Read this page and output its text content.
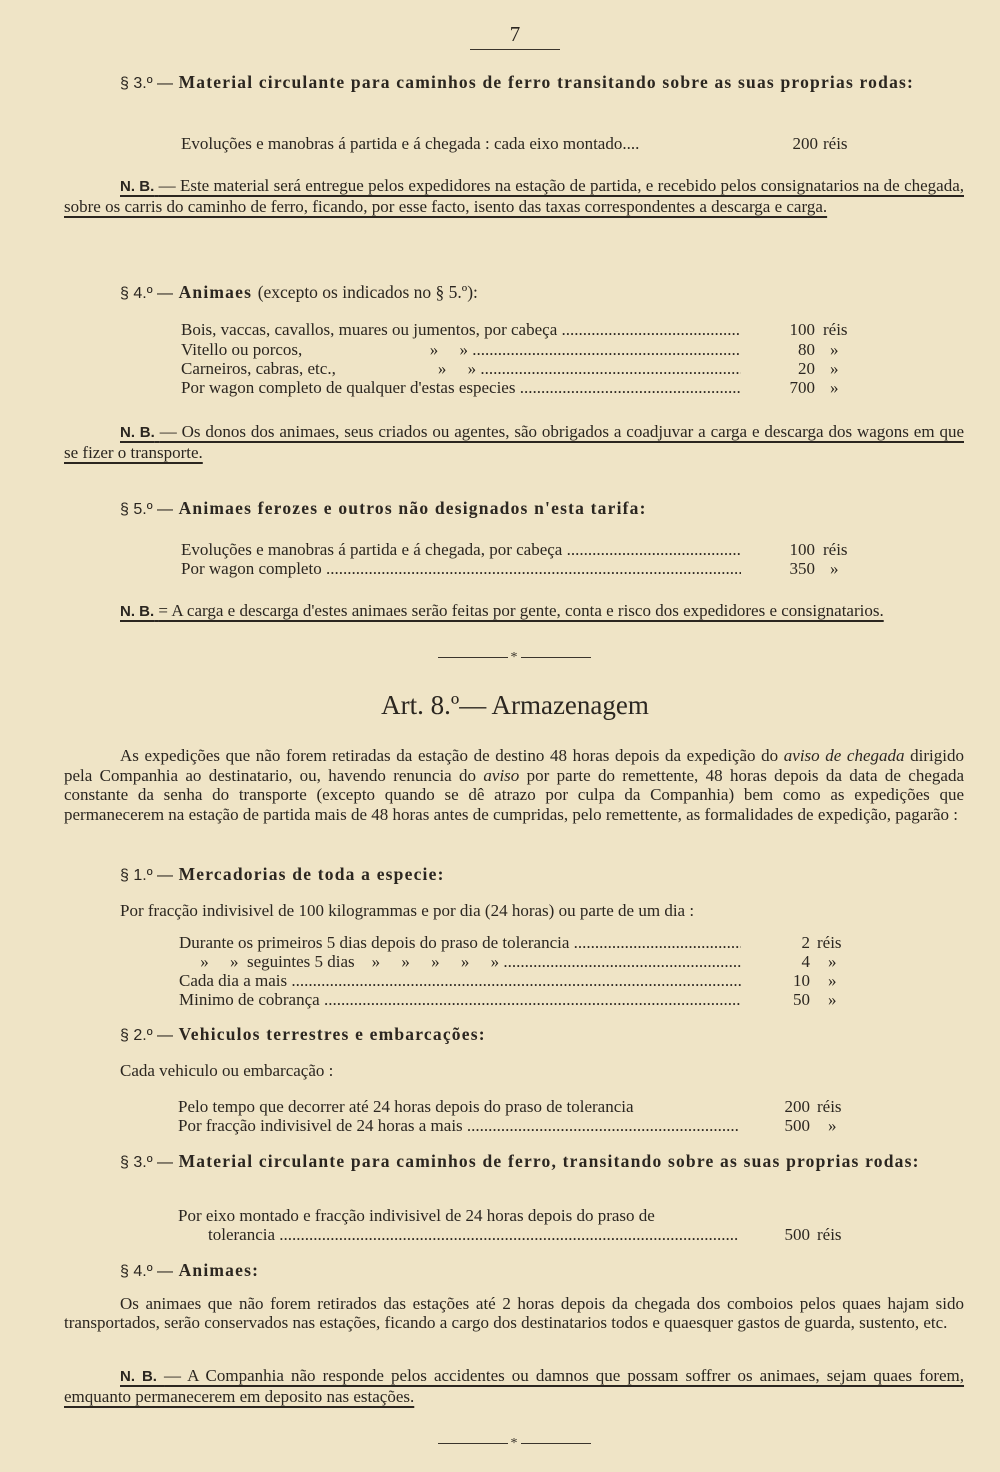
7
§ 3.º — Material circulante para caminhos de ferro transitando sobre as suas proprias rodas:
Evoluções e manobras á partida e á chegada : cada eixo montado....	200 réis
N. B. — Este material será entregue pelos expedidores na estação de partida, e recebido pelos consignatarios na de chegada, sobre os carris do caminho de ferro, ficando, por esse facto, isento das taxas correspondentes a descarga e carga.
§ 4.º — Animaes (excepto os indicados no § 5.º):
Bois, vaccas, cavallos, muares ou jumentos, por cabeça .....	100 réis
Vitello ou porcos,                              »     » .....	80 »
Carneiros, cabras, etc.,                        »     » .....	20 »
Por wagon completo de qualquer d'estas especies .....	700 »
N. B. — Os donos dos animaes, seus criados ou agentes, são obrigados a coadjuvar a carga e descarga dos wagons em que se fizer o transporte.
§ 5.º — Animaes ferozes e outros não designados n'esta tarifa:
Evoluções e manobras á partida e á chegada, por cabeça .....	100 réis
Por wagon completo .....	350 »
N. B. = A carga e descarga d'estes animaes serão feitas por gente, conta e risco dos expedidores e consignatarios.
*
Art. 8.º— Armazenagem
As expedições que não forem retiradas da estação de destino 48 horas depois da expedição do aviso de chegada dirigido pela Companhia ao destinatario, ou, havendo renuncia do aviso por parte do remettente, 48 horas depois da data de chegada constante da senha do transporte (excepto quando se dê atrazo por culpa da Companhia) bem como as expedições que permanecerem na estação de partida mais de 48 horas antes de cumpridas, pelo remettente, as formalidades de expedição, pagarão :
§ 1.º — Mercadorias de toda a especie:
Por fracção indivisivel de 100 kilogrammas e por dia (24 horas) ou parte de um dia :
Durante os primeiros 5 dias depois do praso de tolerancia .....	2 réis
»     »  seguintes 5 dias    »     »     »     »     » .....	4 »
Cada dia a mais .....	10 »
Minimo de cobrança .....	50 »
§ 2.º — Vehiculos terrestres e embarcações:
Cada vehiculo ou embarcação :
Pelo tempo que decorrer até 24 horas depois do praso de tolerancia	200 réis
Por fracção indivisivel de 24 horas a mais .....	500 »
§ 3.º — Material circulante para caminhos de ferro, transitando sobre as suas proprias rodas:
Por eixo montado e fracção indivisivel de 24 horas depois do praso de
tolerancia .....	500 réis
§ 4.º — Animaes:
Os animaes que não forem retirados das estações até 2 horas depois da chegada dos comboios pelos quaes hajam sido transportados, serão conservados nas estações, ficando a cargo dos destinatarios todos e quaesquer gastos de guarda, sustento, etc.
N. B. — A Companhia não responde pelos accidentes ou damnos que possam soffrer os animaes, sejam quaes forem, emquanto permanecerem em deposito nas estações.
*
